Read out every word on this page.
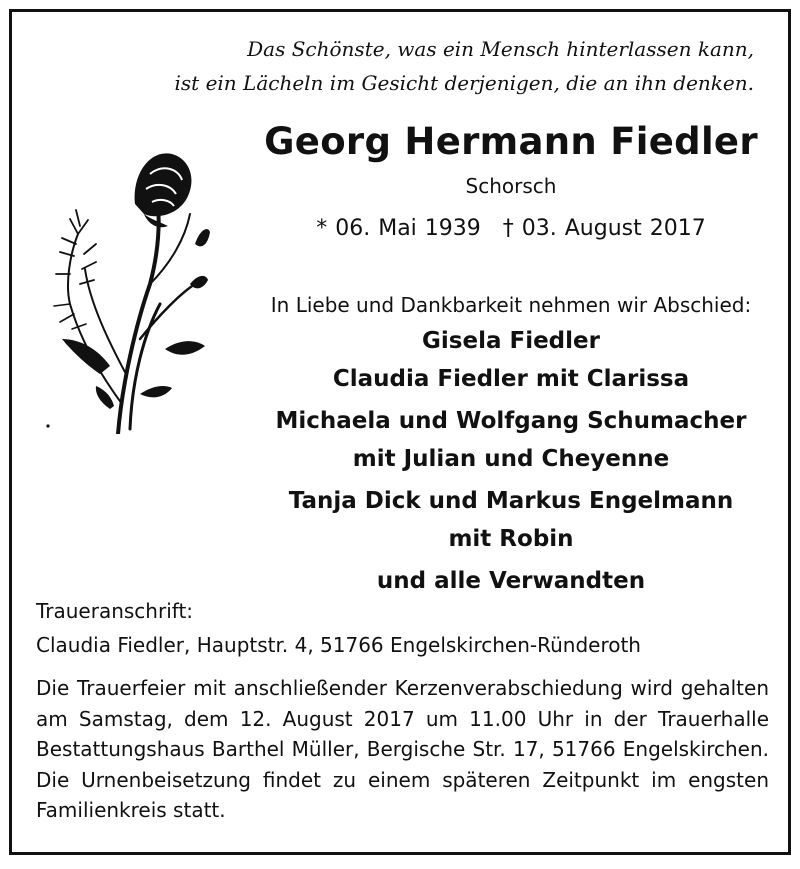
Das Schönste, was ein Mensch hinterlassen kann,
ist ein Lächeln im Gesicht derjenigen, die an ihn denken.
Georg Hermann Fiedler
Schorsch
* 06. Mai 1939 † 03. August 2017
In Liebe und Dankbarkeit nehmen wir Abschied:
Gisela Fiedler
Claudia Fiedler mit Clarissa
Michaela und Wolfgang Schumacher
mit Julian und Cheyenne
Tanja Dick und Markus Engelmann
mit Robin
und alle Verwandten
Traueranschrift:
Claudia Fiedler, Hauptstr. 4, 51766 Engelskirchen-Ründeroth
Die Trauerfeier mit anschließender Kerzenverabschiedung wird gehalten am Samstag, dem 12. August 2017 um 11.00 Uhr in der Trauerhalle Bestattungshaus Barthel Müller, Bergische Str. 17, 51766 Engelskirchen. Die Urnenbeisetzung findet zu einem späteren Zeitpunkt im engsten Familienkreis statt.
